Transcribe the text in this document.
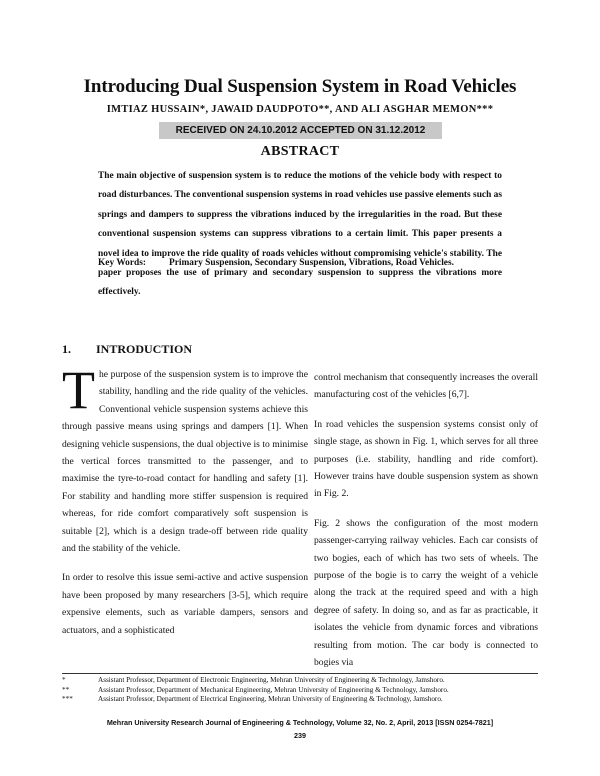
Introducing Dual Suspension System in Road Vehicles
IMTIAZ HUSSAIN*, JAWAID DAUDPOTO**, AND ALI ASGHAR MEMON***
RECEIVED ON 24.10.2012 ACCEPTED ON 31.12.2012
ABSTRACT
The main objective of suspension system is to reduce the motions of the vehicle body with respect to road disturbances. The conventional suspension systems in road vehicles use passive elements such as springs and dampers to suppress the vibrations induced by the irregularities in the road. But these conventional suspension systems can suppress vibrations to a certain limit. This paper presents a novel idea to improve the ride quality of roads vehicles without compromising vehicle's stability. The paper proposes the use of primary and secondary suspension to suppress the vibrations more effectively.
Key Words: Primary Suspension, Secondary Suspension, Vibrations, Road Vehicles.
1. INTRODUCTION

The purpose of the suspension system is to improve the stability, handling and the ride quality of the vehicles. Conventional vehicle suspension systems achieve this through passive means using springs and dampers [1]. When designing vehicle suspensions, the dual objective is to minimise the vertical forces transmitted to the passenger, and to maximise the tyre-to-road contact for handling and safety [1]. For stability and handling more stiffer suspension is required whereas, for ride comfort comparatively soft suspension is suitable [2], which is a design trade-off between ride quality and the stability of the vehicle.

In order to resolve this issue semi-active and active suspension have been proposed by many researchers [3-5], which require expensive elements, such as variable dampers, sensors and actuators, and a sophisticated

control mechanism that consequently increases the overall manufacturing cost of the vehicles [6,7].

In road vehicles the suspension systems consist only of single stage, as shown in Fig. 1, which serves for all three purposes (i.e. stability, handling and ride comfort). However trains have double suspension system as shown in Fig. 2.

Fig. 2 shows the configuration of the most modern passenger-carrying railway vehicles. Each car consists of two bogies, each of which has two sets of wheels. The purpose of the bogie is to carry the weight of a vehicle along the track at the required speed and with a high degree of safety. In doing so, and as far as practicable, it isolates the vehicle from dynamic forces and vibrations resulting from motion. The car body is connected to bogies via

*	Assistant Professor, Department of Electronic Engineering, Mehran University of Engineering & Technology, Jamshoro.
**	Assistant Professor, Department of Mechanical Engineering, Mehran University of Engineering & Technology, Jamshoro.
***	Assistant Professor, Department of Electrical Engineering, Mehran University of Engineering & Technology, Jamshoro.
Mehran University Research Journal of Engineering & Technology, Volume 32, No. 2, April, 2013 [ISSN 0254-7821]
239
